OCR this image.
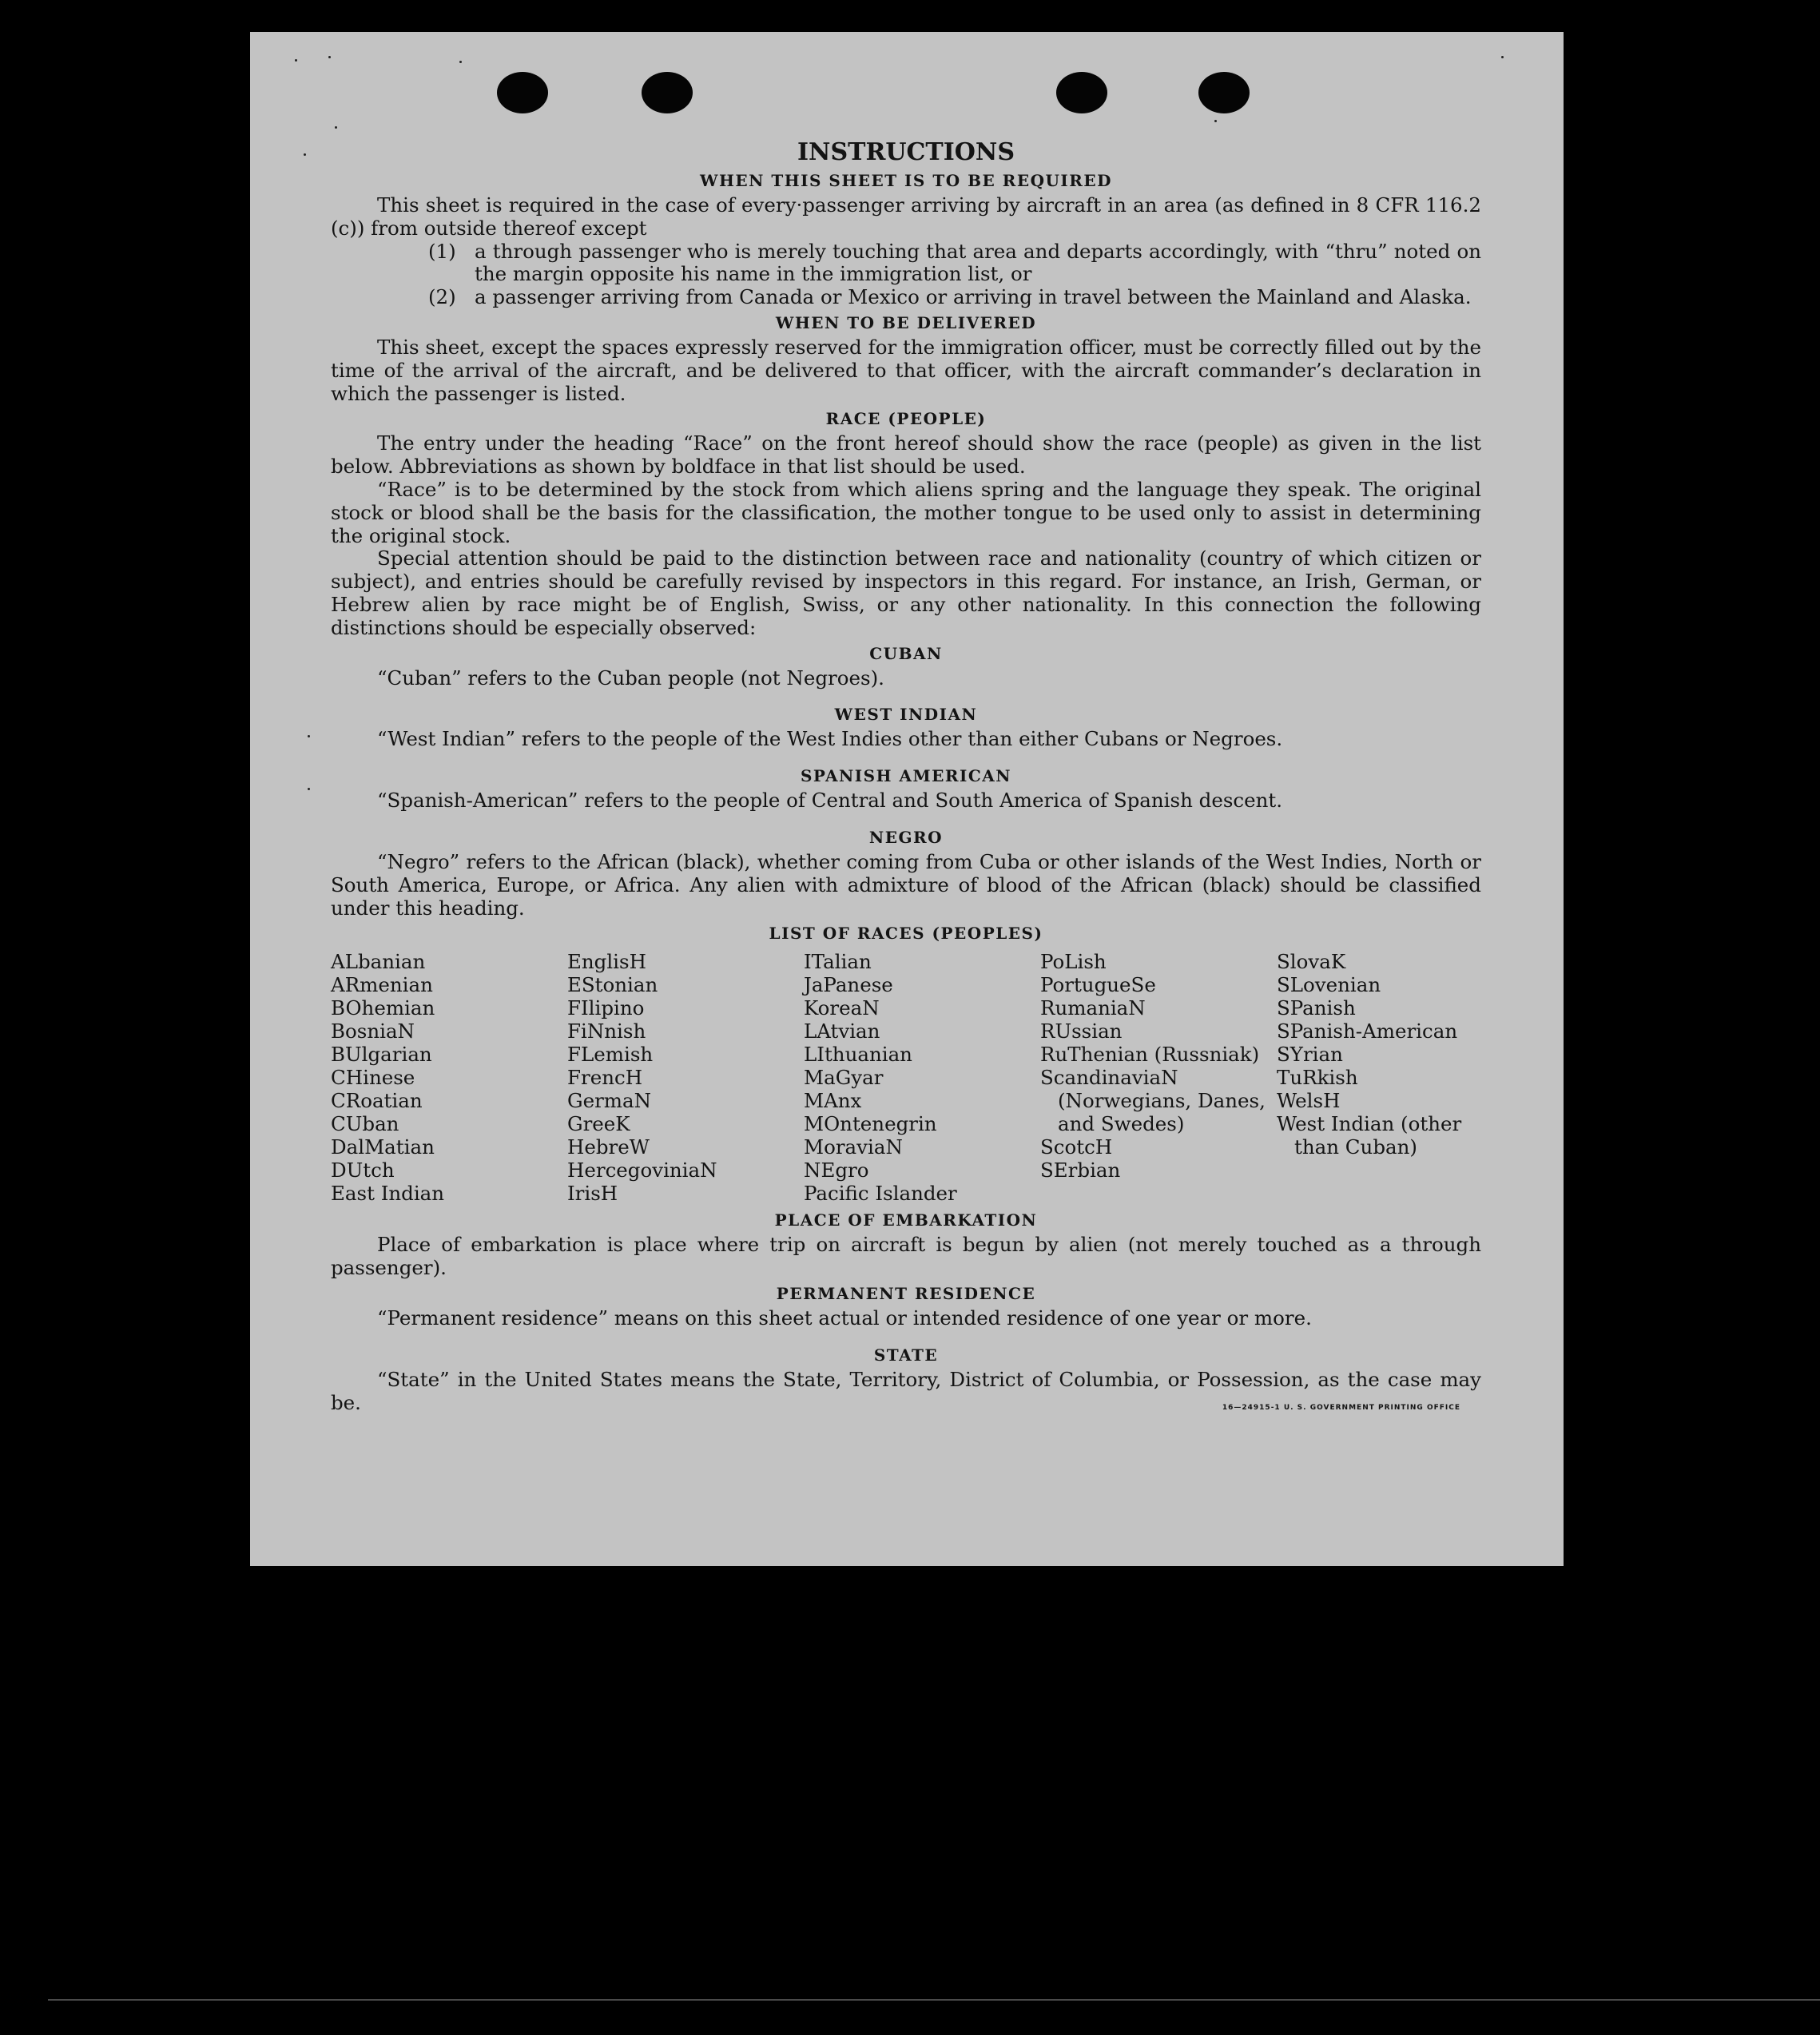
INSTRUCTIONS
WHEN THIS SHEET IS TO BE REQUIRED

This sheet is required in the case of every·passenger arriving by aircraft in an area (as defined in 8 CFR 116.2 (c)) from outside thereof except

(1) a through passenger who is merely touching that area and departs accordingly, with “thru” noted on the margin opposite his name in the immigration list, or
(2) a passenger arriving from Canada or Mexico or arriving in travel between the Mainland and Alaska.
WHEN TO BE DELIVERED

This sheet, except the spaces expressly reserved for the immigration officer, must be correctly filled out by the time of the arrival of the aircraft, and be delivered to that officer, with the aircraft commander’s declaration in which the passenger is listed.

RACE (PEOPLE)

The entry under the heading “Race” on the front hereof should show the race (people) as given in the list below. Abbreviations as shown by boldface in that list should be used.

“Race” is to be determined by the stock from which aliens spring and the language they speak. The original stock or blood shall be the basis for the classification, the mother tongue to be used only to assist in determining the original stock.

Special attention should be paid to the distinction between race and nationality (country of which citizen or subject), and entries should be carefully revised by inspectors in this regard. For instance, an Irish, German, or Hebrew alien by race might be of English, Swiss, or any other nationality. In this connection the following distinctions should be especially observed:

CUBAN

“Cuban” refers to the Cuban people (not Negroes).

WEST INDIAN

“West Indian” refers to the people of the West Indies other than either Cubans or Negroes.

SPANISH AMERICAN

“Spanish-American” refers to the people of Central and South America of Spanish descent.

NEGRO

“Negro” refers to the African (black), whether coming from Cuba or other islands of the West Indies, North or South America, Europe, or Africa. Any alien with admixture of blood of the African (black) should be classified under this heading.

LIST OF RACES (PEOPLES)
ALbanian
ARmenian
BOhemian
BosniaN
BUlgarian
CHinese
CRoatian
CUban
DalMatian
DUtch
East Indian
EnglisH
EStonian
FIlipino
FiNnish
FLemish
FrencH
GermaN
GreeK
HebreW
HercegoviniaN
IrisH
ITalian
JaPanese
KoreaN
LAtvian
LIthuanian
MaGyar
MAnx
MOntenegrin
MoraviaN
NEgro
Pacific Islander
PoLish
PortugueSe
RumaniaN
RUssian
RuThenian (Russniak)
ScandinaviaN (Norwegians, Danes, and Swedes)
ScotcH
SErbian
SlovaK
SLovenian
SPanish
SPanish-American
SYrian
TuRkish
WelsH
West Indian (other than Cuban)
PLACE OF EMBARKATION

Place of embarkation is place where trip on aircraft is begun by alien (not merely touched as a through passenger).

PERMANENT RESIDENCE

“Permanent residence” means on this sheet actual or intended residence of one year or more.

STATE

“State” in the United States means the State, Territory, District of Columbia, or Possession, as the case may be.	16—24915-1 U. S. GOVERNMENT PRINTING OFFICE
